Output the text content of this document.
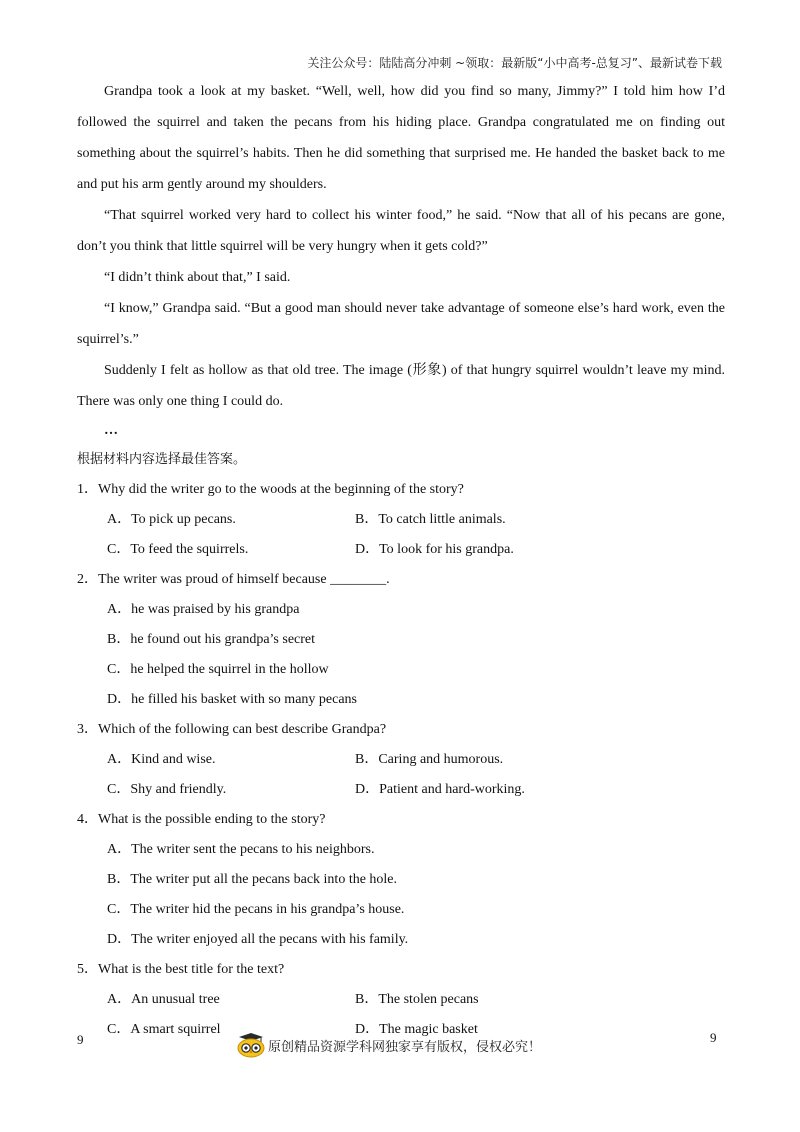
关注公众号：陆陆高分冲刺 ~领取：最新版“小中高考-总复习”、最新试卷下载

Grandpa took a look at my basket. “Well, well, how did you find so many, Jimmy?” I told him how I’d followed the squirrel and taken the pecans from his hiding place. Grandpa congratulated me on finding out something about the squirrel’s habits. Then he did something that surprised me. He handed the basket back to me and put his arm gently around my shoulders.

“That squirrel worked very hard to collect his winter food,” he said. “Now that all of his pecans are gone, don’t you think that little squirrel will be very hungry when it gets cold?”

“I didn’t think about that,” I said.

“I know,” Grandpa said. “But a good man should never take advantage of someone else’s hard work, even the squirrel’s.”

Suddenly I felt as hollow as that old tree. The image (形象) of that hungry squirrel wouldn’t leave my mind. There was only one thing I could do.

…
根据材料内容选择最佳答案。
1．Why did the writer go to the woods at the beginning of the story?
A．To pick up pecans.	B．To catch little animals.
C．To feed the squirrels.	D．To look for his grandpa.
2．The writer was proud of himself because ________.
A．he was praised by his grandpa
B．he found out his grandpa’s secret
C．he helped the squirrel in the hollow
D．he filled his basket with so many pecans
3．Which of the following can best describe Grandpa?
A．Kind and wise.	B．Caring and humorous.
C．Shy and friendly.	D．Patient and hard-working.
4．What is the possible ending to the story?
A．The writer sent the pecans to his neighbors.
B．The writer put all the pecans back into the hole.
C．The writer hid the pecans in his grandpa’s house.
D．The writer enjoyed all the pecans with his family.
5．What is the best title for the text?
A．An unusual tree	B．The stolen pecans
C．A smart squirrel	D．The magic basket
9	原创精品资源学科网独家享有版权，侵权必究！
9
